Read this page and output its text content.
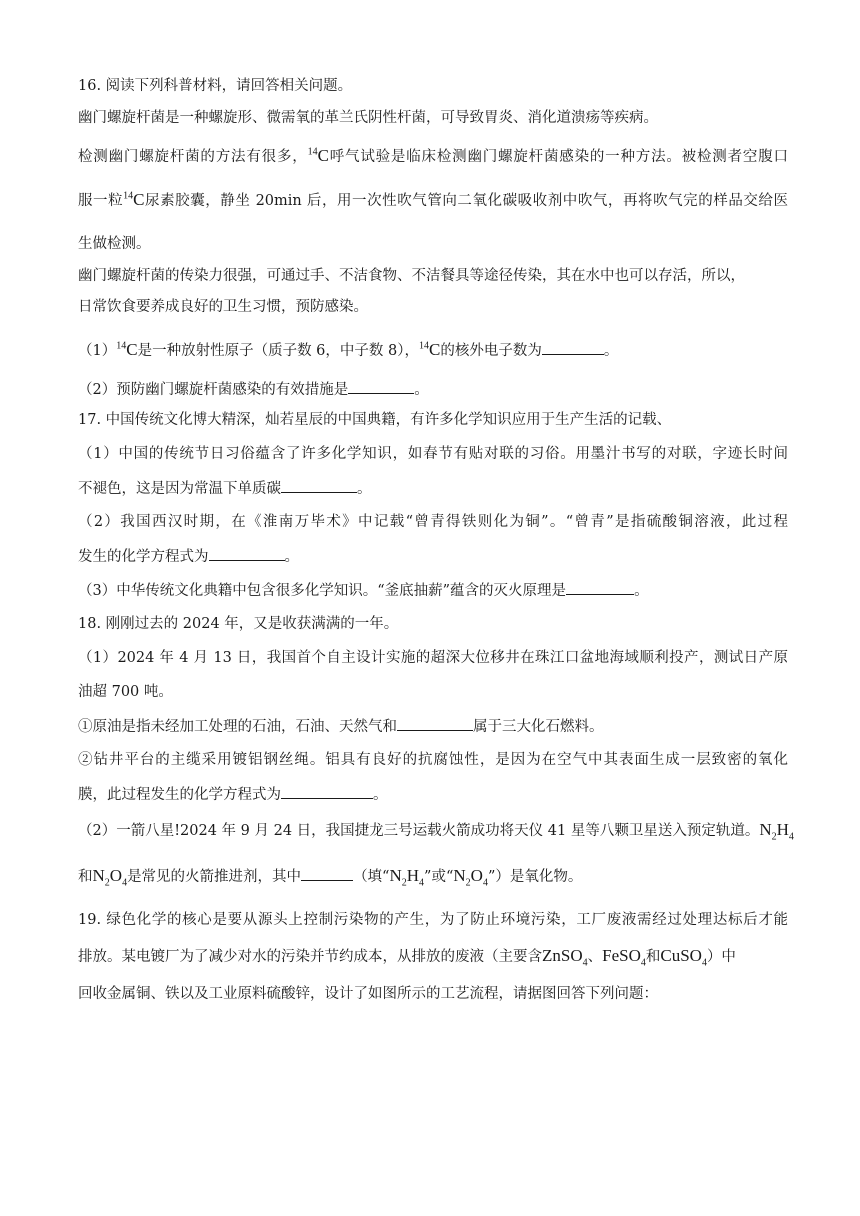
16. 阅读下列科普材料，请回答相关问题。
幽门螺旋杆菌是一种螺旋形、微需氧的革兰氏阴性杆菌，可导致胃炎、消化道溃疡等疾病。
检测幽门螺旋杆菌的方法有很多，$^{14}$C呼气试验是临床检测幽门螺旋杆菌感染的一种方法。被检测者空腹口
服一粒$^{14}$C尿素胶囊，静坐 20min 后，用一次性吹气管向二氧化碳吸收剂中吹气，再将吹气完的样品交给医
生做检测。
幽门螺旋杆菌的传染力很强，可通过手、不洁食物、不洁餐具等途径传染，其在水中也可以存活，所以，
日常饮食要养成良好的卫生习惯，预防感染。
$(1)^{14}C$是一种放射性原子（质子数 6，中子数 8），$^{14}$C的核外电子数为	。
（2）预防幽门螺旋杆菌感染的有效措施是	。
17. 中国传统文化博大精深，灿若星辰的中国典籍，有许多化学知识应用于生产生活的记载、
（1）中国的传统节日习俗蕴含了许多化学知识，如春节有贴对联的习俗。用墨汁书写的对联，字迹长时间
不褪色，这是因为常温下单质碳	。
（2）我国西汉时期，在《淮南万毕术》中记载“曾青得铁则化为铜”。“曾青”是指硫酸铜溶液，此过程
发生的化学方程式为	。
（3）中华传统文化典籍中包含很多化学知识。“釜底抽薪”蕴含的灭火原理是	。
18. 刚刚过去的 2024 年，又是收获满满的一年。
（1）2024 年 4 月 13 日，我国首个自主设计实施的超深大位移井在珠江口盆地海域顺利投产，测试日产原
油超 700 吨。
①原油是指未经加工处理的石油，石油、天然气和	属于三大化石燃料。
②钻井平台的主缆采用镀铝钢丝绳。铝具有良好的抗腐蚀性，是因为在空气中其表面生成一层致密的氧化
膜，此过程发生的化学方程式为	。
（2）一箭八星!2024 年 9 月 24 日，我国捷龙三号运载火箭成功将天仪 41 星等八颗卫星送入预定轨道。$N_2H_4$
和$N_2O_4$是常见的火箭推进剂，其中	（填“$N_2H_4$”或“$N_2O_4$”）是氧化物。
19. 绿色化学的核心是要从源头上控制污染物的产生，为了防止环境污染，工厂废液需经过处理达标后才能
排放。某电镀厂为了减少对水的污染并节约成本，从排放的废液（主要含ZnSO$_4$、FeSO$_4$和CuSO$_4$）中
回收金属铜、铁以及工业原料硫酸锌，设计了如图所示的工艺流程，请据图回答下列问题：
